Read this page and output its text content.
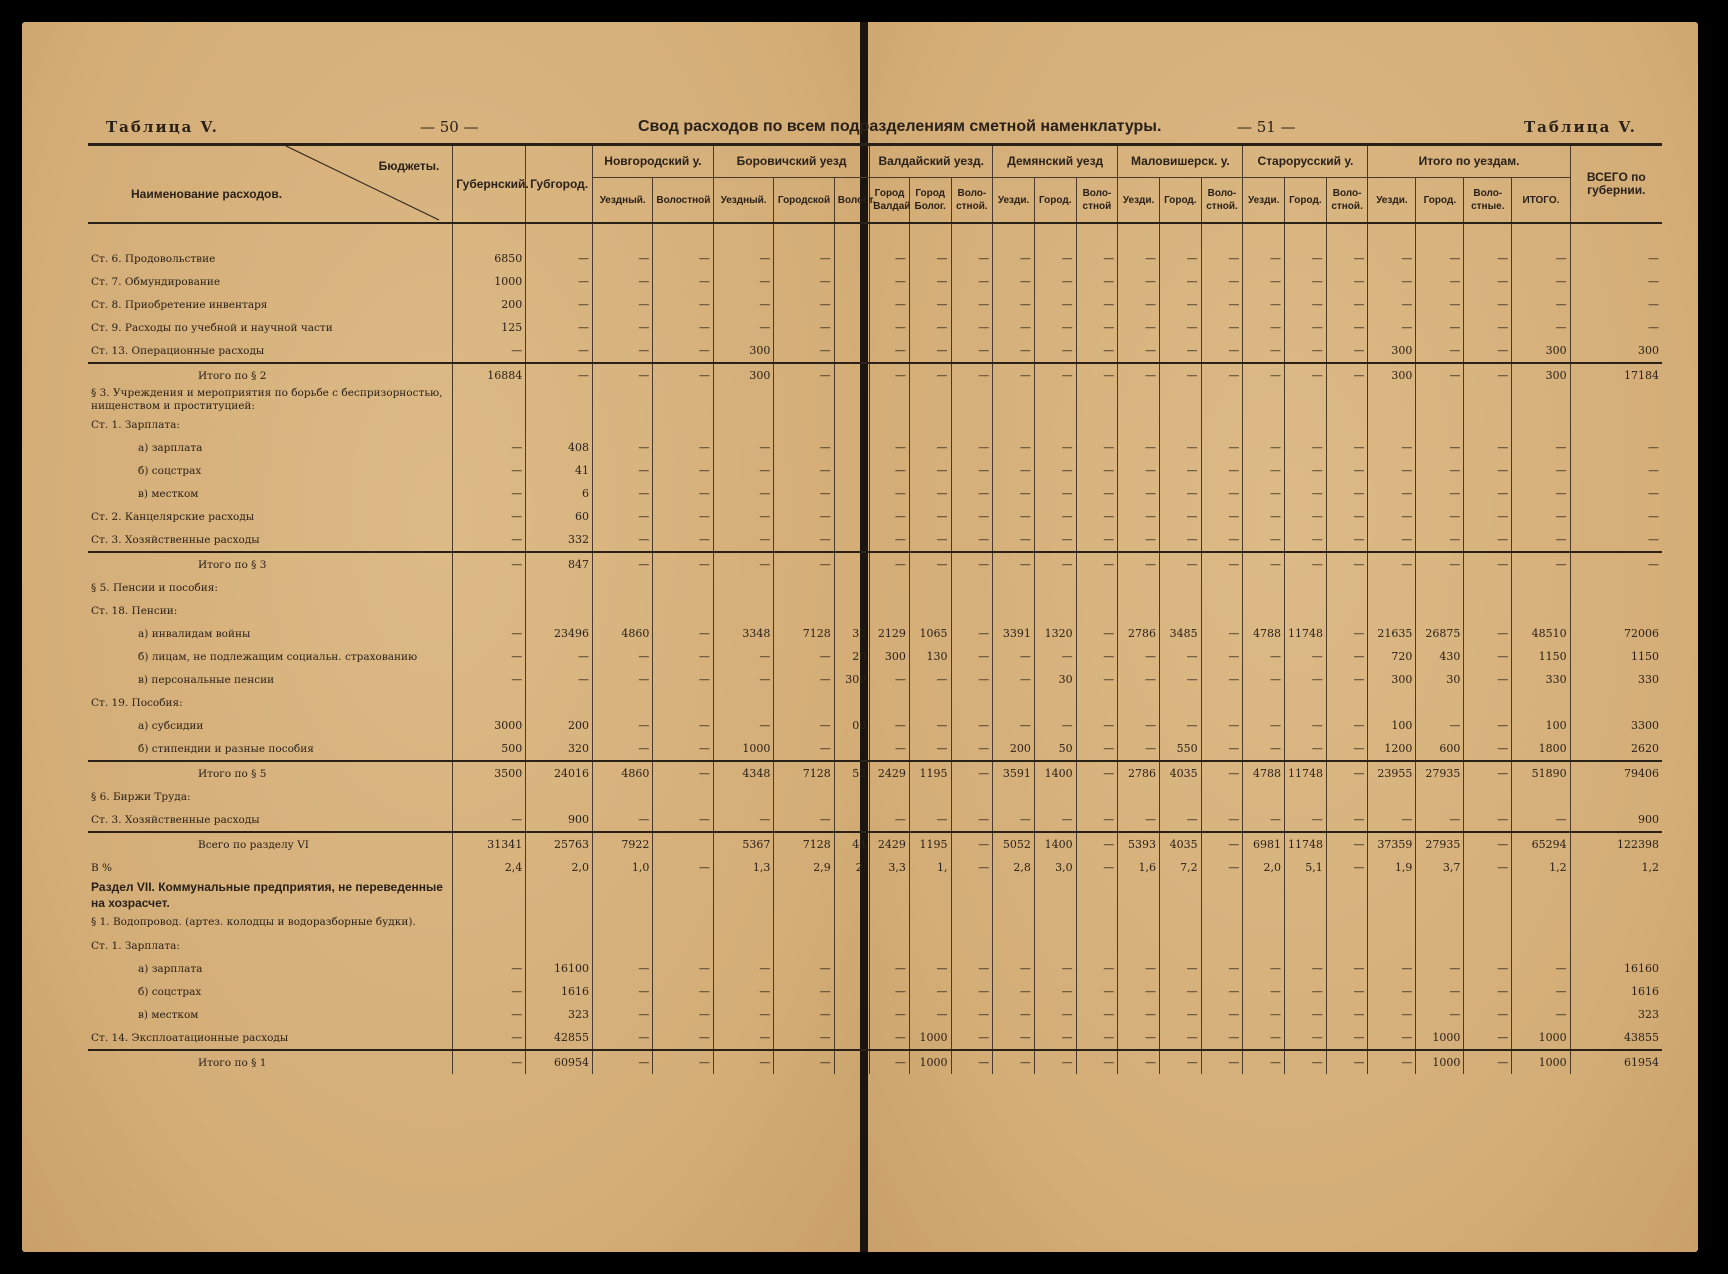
Таблица V.	— 50 —	Свод расходов по всем подразделениям сметной наменклатуры.	— 51 —	Таблица V.
Бюджеты.
Наименование расходов.	Губернский.	Губгород.	Новгородский у.		Боровичский уезд			Валдайский уезд.			Демянский уезд			Маловишерск. у.			Старорусский у.			Итого по уездам.				ВСЕГО по губернии.
			Уездный.	Волостной	Уездный.	Городской	Волост.	Город Валдай	Город Болог.	Воло-стной.	Уезди.	Город.	Воло-стной	Уезди.	Город.	Воло-стной.	Уезди.	Город.	Воло-стной.	Уезди.	Город.	Воло-стные.	ИТОГО.	

Ст. 6. Продовольствие	6850	—	—	—	—	—		—	—	—	—	—	—	—	—	—	—	—	—	—	—	—	—	—
Ст. 7. Обмундирование	1000	—	—	—	—	—		—	—	—	—	—	—	—	—	—	—	—	—	—	—	—	—	—
Ст. 8. Приобретение инвентаря	200	—	—	—	—	—		—	—	—	—	—	—	—	—	—	—	—	—	—	—	—	—	—
Ст. 9. Расходы по учебной и научной части	125	—	—	—	—	—		—	—	—	—	—	—	—	—	—	—	—	—	—	—	—	—	—
Ст. 13. Операционные расходы	—	—	—	—	300	—		—	—	—	—	—	—	—	—	—	—	—	—	300	—	—	300	300
Итого по § 2	16884	—	—	—	300	—		—	—	—	—	—	—	—	—	—	—	—	—	300	—	—	300	17184
§ 3. Учреждения и мероприятия по борьбе с беспризорностью, нищенством и проституцией:																								
Ст. 1. Зарплата:																								
а) зарплата	—	408	—	—	—	—		—	—	—	—	—	—	—	—	—	—	—	—	—	—	—	—	—
б) соцстрах	—	41	—	—	—	—		—	—	—	—	—	—	—	—	—	—	—	—	—	—	—	—	—
в) местком	—	6	—	—	—	—		—	—	—	—	—	—	—	—	—	—	—	—	—	—	—	—	—
Ст. 2. Канцелярские расходы	—	60	—	—	—	—		—	—	—	—	—	—	—	—	—	—	—	—	—	—	—	—	—
Ст. 3. Хозяйственные расходы	—	332	—	—	—	—		—	—	—	—	—	—	—	—	—	—	—	—	—	—	—	—	—
Итого по § 3	—	847	—	—	—	—		—	—	—	—	—	—	—	—	—	—	—	—	—	—	—	—	—
§ 5. Пенсии и пособия:																								
Ст. 18. Пенсии:																								
а) инвалидам войны	—	23496	4860	—	3348	7128	32	2129	1065	—	3391	1320	—	2786	3485	—	4788	11748	—	21635	26875	—	48510	72006
б) лицам, не подлежащим социальн. страхованию	—	—	—	—	—	—	20	300	130	—	—	—	—	—	—	—	—	—	—	720	430	—	1150	1150
в) персональные пенсии	—	—	—	—	—	—	300	—	—	—	—	30	—	—	—	—	—	—	—	300	30	—	330	330
Ст. 19. Пособия:																								
а) субсидии	3000	200	—	—	—	—	00	—	—	—	—	—	—	—	—	—	—	—	—	100	—	—	100	3300
б) стипендии и разные пособия	500	320	—	—	1000	—		—	—	—	200	50	—	—	550	—	—	—	—	1200	600	—	1800	2620
Итого по § 5	3500	24016	4860	—	4348	7128	52	2429	1195	—	3591	1400	—	2786	4035	—	4788	11748	—	23955	27935	—	51890	79406
§ 6. Биржи Труда:																								
Ст. 3. Хозяйственные расходы	—	900	—	—	—	—		—	—	—	—	—	—	—	—	—	—	—	—	—	—	—	—	900
Всего по разделу VI	31341	25763	7922		5367	7128	44	2429	1195	—	5052	1400	—	5393	4035	—	6981	11748	—	37359	27935	—	65294	122398
В %	2,4	2,0	1,0	—	1,3	2,9	2,	3,3	1,	—	2,8	3,0	—	1,6	7,2	—	2,0	5,1	—	1,9	3,7	—	1,2	1,2
Раздел VII. Коммунальные предприятия, не переведенные на хозрасчет.																								
§ 1. Водопровод. (артез. колодцы и водоразборные будки).																								
Ст. 1. Зарплата:																								
а) зарплата	—	16100	—	—	—	—		—	—	—	—	—	—	—	—	—	—	—	—	—	—	—	—	16160
б) соцстрах	—	1616	—	—	—	—		—	—	—	—	—	—	—	—	—	—	—	—	—	—	—	—	1616
в) местком	—	323	—	—	—	—		—	—	—	—	—	—	—	—	—	—	—	—	—	—	—	—	323
Ст. 14. Эксплоатационные расходы	—	42855	—	—	—	—		—	1000	—	—	—	—	—	—	—	—	—	—	—	1000	—	1000	43855
Итого по § 1	—	60954	—	—	—	—		—	1000	—	—	—	—	—	—	—	—	—	—	—	1000	—	1000	61954
